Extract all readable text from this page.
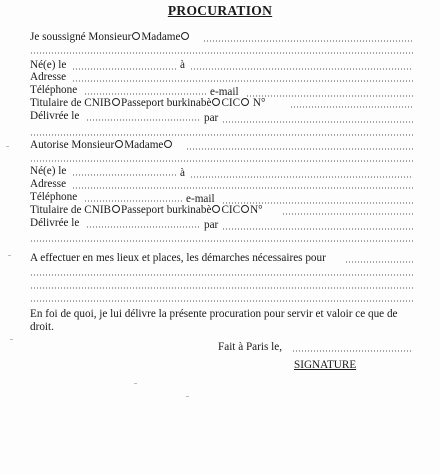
PROCURATION
Je soussigné Monsieur Madame
Né(e) le	à
Adresse
Téléphone	e-mail
Titulaire de CNIB Passeport burkinabè CIC N°
Délivrée le	par
Autorise Monsieur Madame
Né(e) le	à
Adresse
Téléphone	e-mail
Titulaire de CNIB Passeport burkinabè CIC N°
Délivrée le	par
A effectuer en mes lieux et places, les démarches nécessaires pour
En foi de quoi, je lui délivre la présente procuration pour servir et valoir ce que de droit.
Fait à Paris le,
SIGNATURE
